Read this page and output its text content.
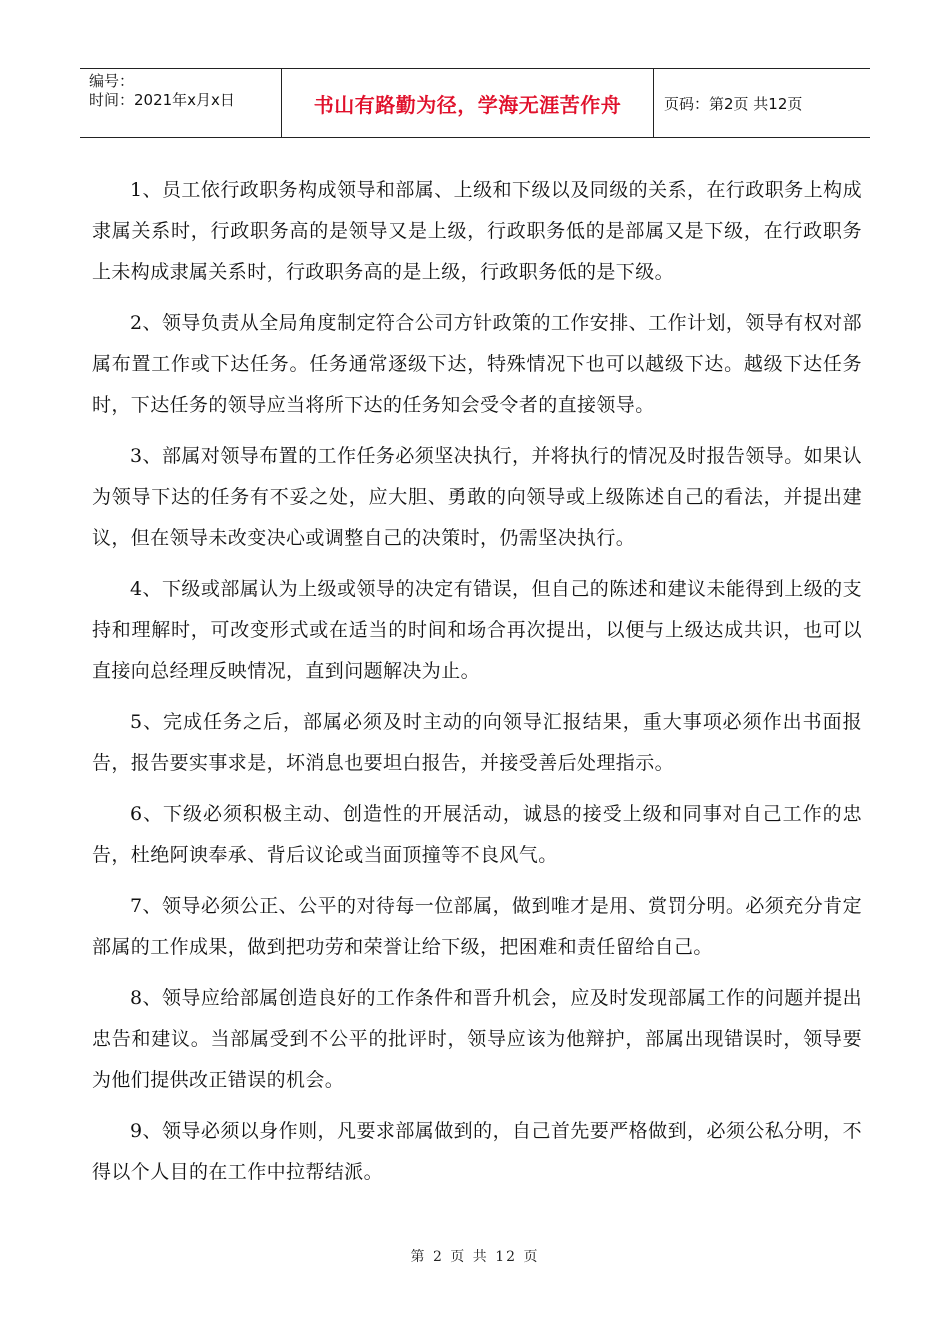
编号：
时间：2021年x月x日	书山有路勤为径，学海无涯苦作舟	页码：第2页 共12页

1、员工依行政职务构成领导和部属、上级和下级以及同级的关系，在行政职务上构成隶属关系时，行政职务高的是领导又是上级，行政职务低的是部属又是下级，在行政职务上未构成隶属关系时，行政职务高的是上级，行政职务低的是下级。

2、领导负责从全局角度制定符合公司方针政策的工作安排、工作计划，领导有权对部属布置工作或下达任务。任务通常逐级下达，特殊情况下也可以越级下达。越级下达任务时，下达任务的领导应当将所下达的任务知会受令者的直接领导。

3、部属对领导布置的工作任务必须坚决执行，并将执行的情况及时报告领导。如果认为领导下达的任务有不妥之处，应大胆、勇敢的向领导或上级陈述自己的看法，并提出建议，但在领导未改变决心或调整自己的决策时，仍需坚决执行。

4、下级或部属认为上级或领导的决定有错误，但自己的陈述和建议未能得到上级的支持和理解时，可改变形式或在适当的时间和场合再次提出，以便与上级达成共识，也可以直接向总经理反映情况，直到问题解决为止。

5、完成任务之后，部属必须及时主动的向领导汇报结果，重大事项必须作出书面报告，报告要实事求是，坏消息也要坦白报告，并接受善后处理指示。

6、下级必须积极主动、创造性的开展活动，诚恳的接受上级和同事对自己工作的忠告，杜绝阿谀奉承、背后议论或当面顶撞等不良风气。

7、领导必须公正、公平的对待每一位部属，做到唯才是用、赏罚分明。必须充分肯定部属的工作成果，做到把功劳和荣誉让给下级，把困难和责任留给自己。

8、领导应给部属创造良好的工作条件和晋升机会，应及时发现部属工作的问题并提出忠告和建议。当部属受到不公平的批评时，领导应该为他辩护，部属出现错误时，领导要为他们提供改正错误的机会。

9、领导必须以身作则，凡要求部属做到的，自己首先要严格做到，必须公私分明，不得以个人目的在工作中拉帮结派。

第 2 页 共 12 页
